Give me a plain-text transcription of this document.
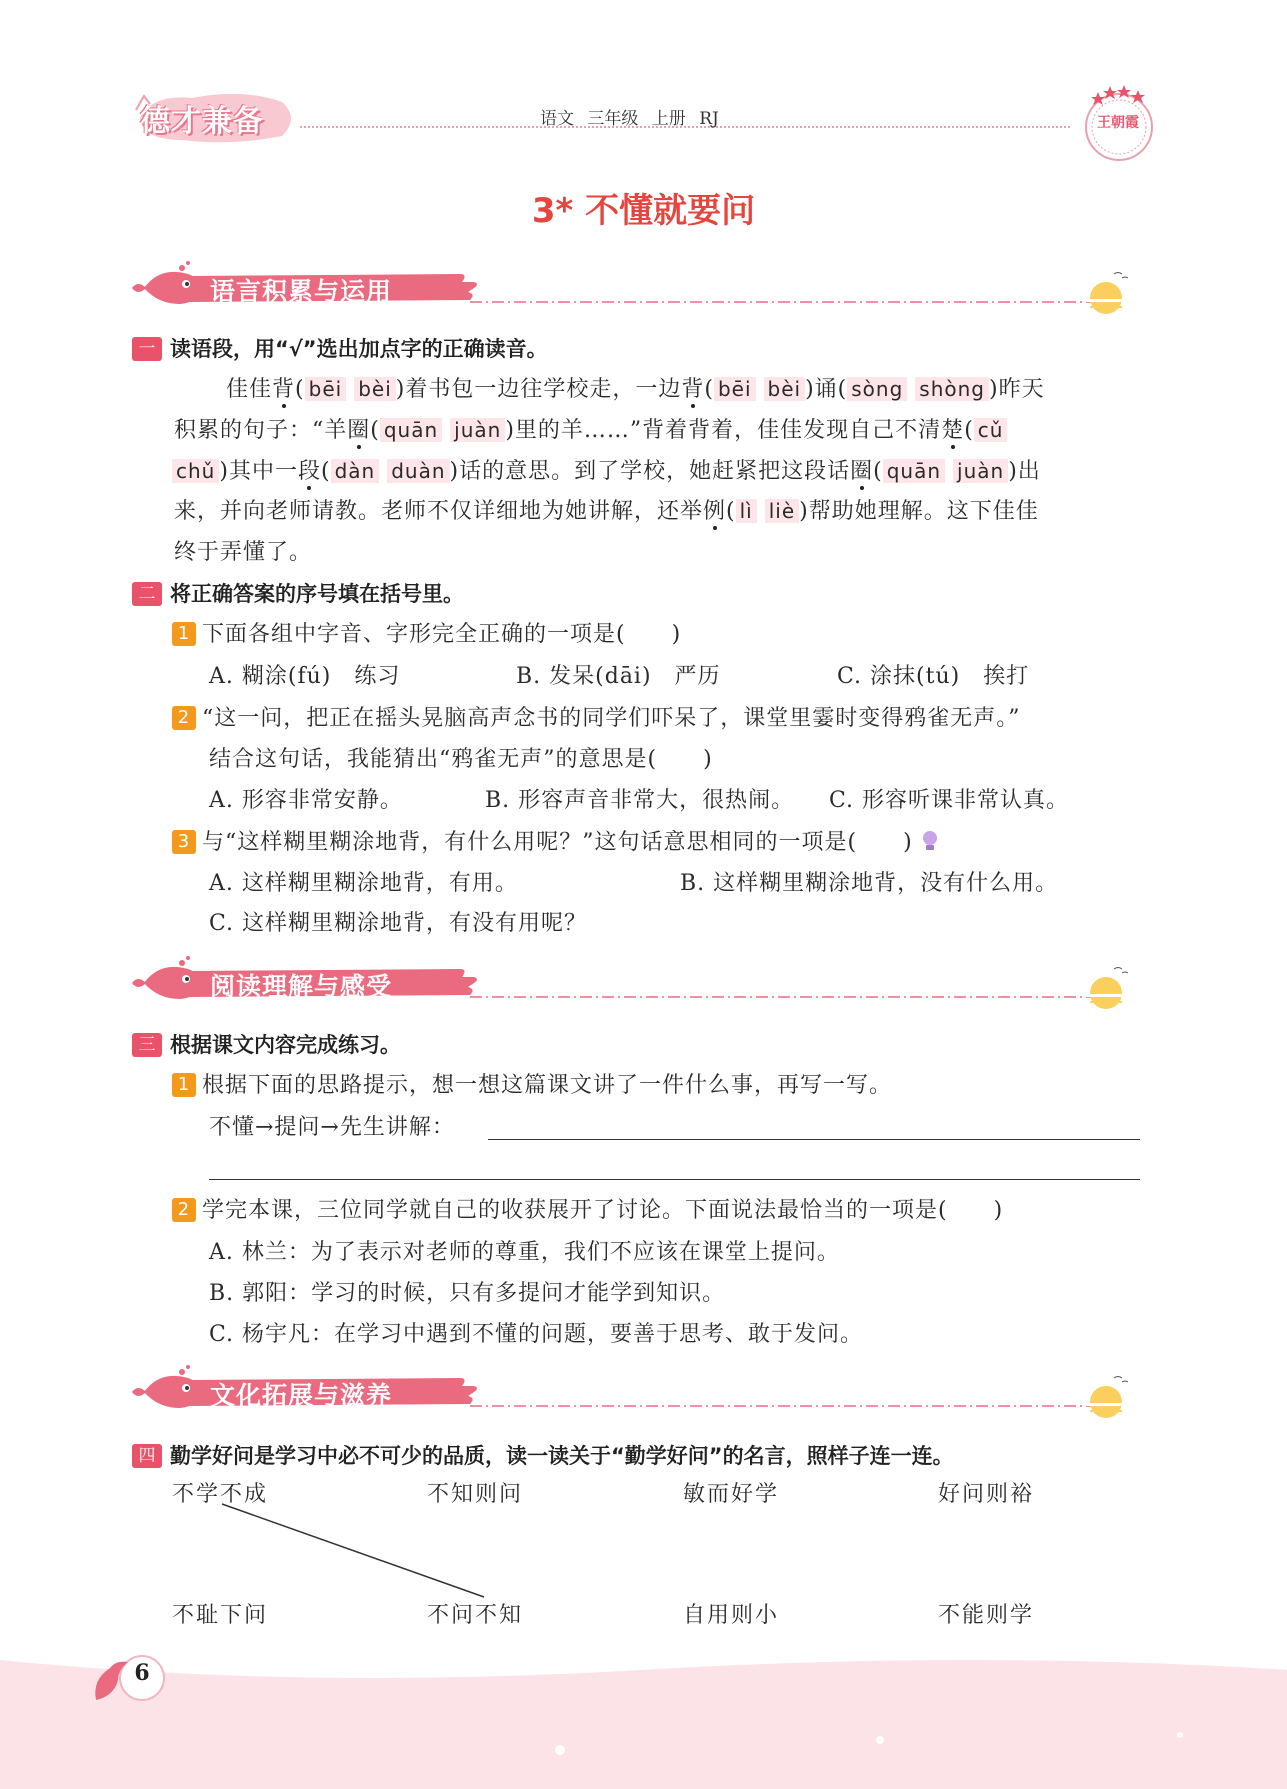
德才兼备	语文 三年级 上册 RJ	王朝霞
3* 不懂就要问
语言积累与运用
一 读语段，用“√”选出加点字的正确读音。
佳佳背( bēi bèi )着书包一边往学校走，一边背( bēi bèi )诵( sòng shòng )昨天
积累的句子：“羊圈( quān juàn )里的羊……”背着背着，佳佳发现自己不清楚( cǔ
chǔ )其中一段( dàn duàn )话的意思。到了学校，她赶紧把这段话圈( quān juàn )出
来，并向老师请教。老师不仅详细地为她讲解，还举例( lì liè )帮助她理解。这下佳佳
终于弄懂了。
二 将正确答案的序号填在括号里。
1 下面各组中字音、字形完全正确的一项是(　　)
A. 糊涂(fú)　练习	B. 发呆(dāi)　严历	C. 涂抹(tú)　挨打
2 “这一问，把正在摇头晃脑高声念书的同学们吓呆了，课堂里霎时变得鸦雀无声。”
结合这句话，我能猜出“鸦雀无声”的意思是(　　)
A. 形容非常安静。	B. 形容声音非常大，很热闹。 C. 形容听课非常认真。
3 与“这样糊里糊涂地背，有什么用呢？”这句话意思相同的一项是(　　)
A. 这样糊里糊涂地背，有用。	B. 这样糊里糊涂地背，没有什么用。
C. 这样糊里糊涂地背，有没有用呢？
阅读理解与感受
三 根据课文内容完成练习。
1 根据下面的思路提示，想一想这篇课文讲了一件什么事，再写一写。
不懂→提问→先生讲解：
2 学完本课，三位同学就自己的收获展开了讨论。下面说法最恰当的一项是(　　)
A. 林兰：为了表示对老师的尊重，我们不应该在课堂上提问。
B. 郭阳：学习的时候，只有多提问才能学到知识。
C. 杨宇凡：在学习中遇到不懂的问题，要善于思考、敢于发问。
文化拓展与滋养
四 勤学好问是学习中必不可少的品质，读一读关于“勤学好问”的名言，照样子连一连。
不学不成	不知则问	敏而好学	好问则裕
不耻下问	不问不知	自用则小	不能则学
6
